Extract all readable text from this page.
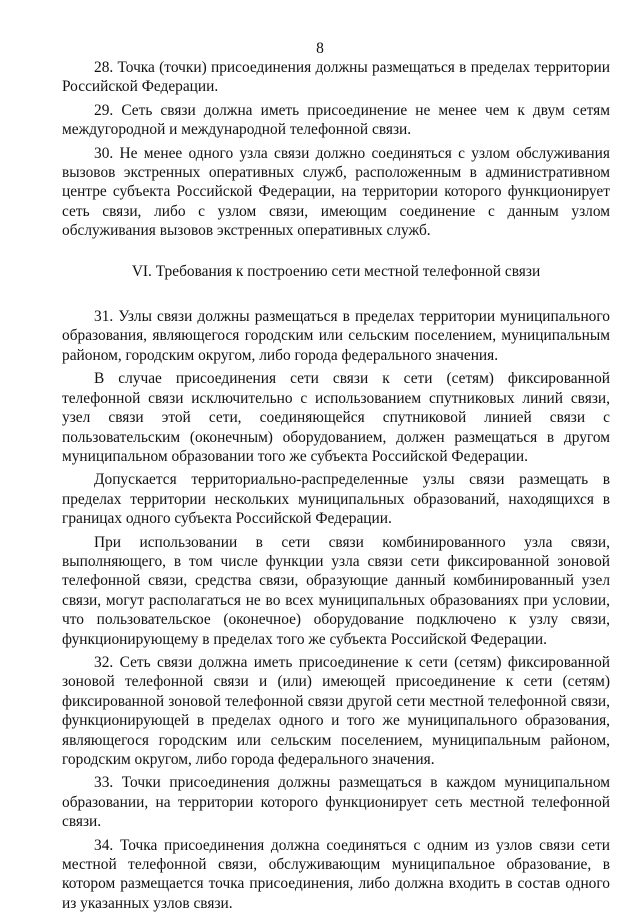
8

28. Точка (точки) присоединения должны размещаться в пределах территории Российской Федерации.

29. Сеть связи должна иметь присоединение не менее чем к двум сетям междугородной и международной телефонной связи.

30. Не менее одного узла связи должно соединяться с узлом обслуживания вызовов экстренных оперативных служб, расположенным в административном центре субъекта Российской Федерации, на территории которого функционирует сеть связи, либо с узлом связи, имеющим соединение с данным узлом обслуживания вызовов экстренных оперативных служб.

VI. Требования к построению сети местной телефонной связи

31. Узлы связи должны размещаться в пределах территории муниципального образования, являющегося городским или сельским поселением, муниципальным районом, городским округом, либо города федерального значения.

В случае присоединения сети связи к сети (сетям) фиксированной телефонной связи исключительно с использованием спутниковых линий связи, узел связи этой сети, соединяющейся спутниковой линией связи с пользовательским (оконечным) оборудованием, должен размещаться в другом муниципальном образовании того же субъекта Российской Федерации.

Допускается территориально-распределенные узлы связи размещать в пределах территории нескольких муниципальных образований, находящихся в границах одного субъекта Российской Федерации.

При использовании в сети связи комбинированного узла связи, выполняющего, в том числе функции узла связи сети фиксированной зоновой телефонной связи, средства связи, образующие данный комбинированный узел связи, могут располагаться не во всех муниципальных образованиях при условии, что пользовательское (оконечное) оборудование подключено к узлу связи, функционирующему в пределах того же субъекта Российской Федерации.

32. Сеть связи должна иметь присоединение к сети (сетям) фиксированной зоновой телефонной связи и (или) имеющей присоединение к сети (сетям) фиксированной зоновой телефонной связи другой сети местной телефонной связи, функционирующей в пределах одного и того же муниципального образования, являющегося городским или сельским поселением, муниципальным районом, городским округом, либо города федерального значения.

33. Точки присоединения должны размещаться в каждом муниципальном образовании, на территории которого функционирует сеть местной телефонной связи.

34. Точка присоединения должна соединяться с одним из узлов связи сети местной телефонной связи, обслуживающим муниципальное образование, в котором размещается точка присоединения, либо должна входить в состав одного из указанных узлов связи.
